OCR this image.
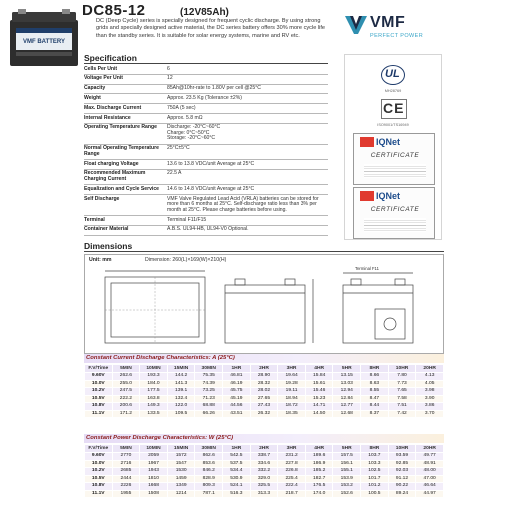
VMF BATTERY
DC85-12	(12V85Ah)
DC (Deep Cycle) series is specially designed for frequent cyclic discharge. By using strong grids and specially designed active material, the DC series battery offers 30% more cycle life than the standby series. It is suitable for solar energy systems, marine and RV etc.
VMF
PERFECT POWER
Specification
Cells Per Unit	6
Voltage Per Unit	12
Capacity	85Ah@10hr-rate to 1.80V per cell @25°C
Weight	Approx. 23.5 Kg (Tolerance ±2%)
Max. Discharge Current	750A (5 sec)
Internal Resistance	Approx. 5.8 mΩ
Operating Temperature Range	Discharge: -20°C~60°C
Charge: 0°C~50°C
Storage: -20°C~60°C
Normal Operating Temperature Range	25°C±5°C
Float charging Voltage	13.6 to 13.8 VDC/unit Average at 25°C
Recommended Maximum Charging Current	22.5 A
Equalization and Cycle Service	14.6 to 14.8 VDC/unit Average at 25°C
Self Discharge	VMF Valve Regulated Lead Acid (VRLA) batteries can be stored for more than 6 months at 25°C. Self-discharge ratio less than 3% per month at 25°C. Please charge batteries before using.
Terminal	Terminal F11/F15
Container Material	A.B.S. UL94-HB, UL94-V0 Optional.
UL
MH28769
CE
ISO9001/TS16949
IQNet
CERTIFICATE
IQNet
CERTIFICATE
Dimensions
Terminal F11
Unit: mm	Dimension: 260(L)×169(W)×210(H)
Constant Current Discharge Characteristics: A (25°C)
F.V/Time	5MIN	10MIN	15MIN	30MIN	1HR	2HR	3HR	4HR	5HR	8HR	10HR	20HR
9.60V	262.6	193.3	144.2	75.35	46.81	28.90	19.64	15.84	13.15	8.66	7.80	4.13
10.0V	255.0	184.0	141.3	74.39	46.19	28.32	19.28	15.61	13.03	8.63	7.73	4.05
10.2V	247.5	177.5	139.1	73.25	45.75	28.02	19.11	15.46	12.94	8.55	7.65	3.98
10.5V	222.2	163.8	132.4	71.23	45.19	27.65	18.94	15.23	12.84	8.47	7.58	3.90
10.8V	200.6	149.3	122.0	68.88	44.56	27.43	18.72	14.71	12.77	8.44	7.51	3.86
11.1V	171.2	133.5	109.5	66.26	43.51	26.32	18.35	14.50	12.68	8.37	7.42	3.70
Constant Power Discharge Characteristics: W (25°C)
F.V/Time	5MIN	10MIN	15MIN	30MIN	1HR	2HR	3HR	4HR	5HR	8HR	10HR	20HR
9.60V	2770	2059	1572	862.6	542.5	338.7	231.2	189.6	157.5	103.7	93.59	49.77
10.0V	2716	1967	1547	853.6	537.5	334.6	227.8	186.9	156.1	103.3	92.85	48.91
10.2V	2685	1943	1530	846.2	534.4	332.2	226.8	185.2	155.1	102.5	92.03	48.00
10.5V	2444	1810	1459	828.9	530.9	329.0	225.4	182.7	153.9	101.7	91.12	47.00
10.8V	2226	1668	1349	809.3	524.1	325.5	222.4	176.5	153.2	101.2	90.22	46.64
11.1V	1955	1508	1214	787.1	516.3	313.3	218.7	174.0	152.6	100.5	89.24	44.97
